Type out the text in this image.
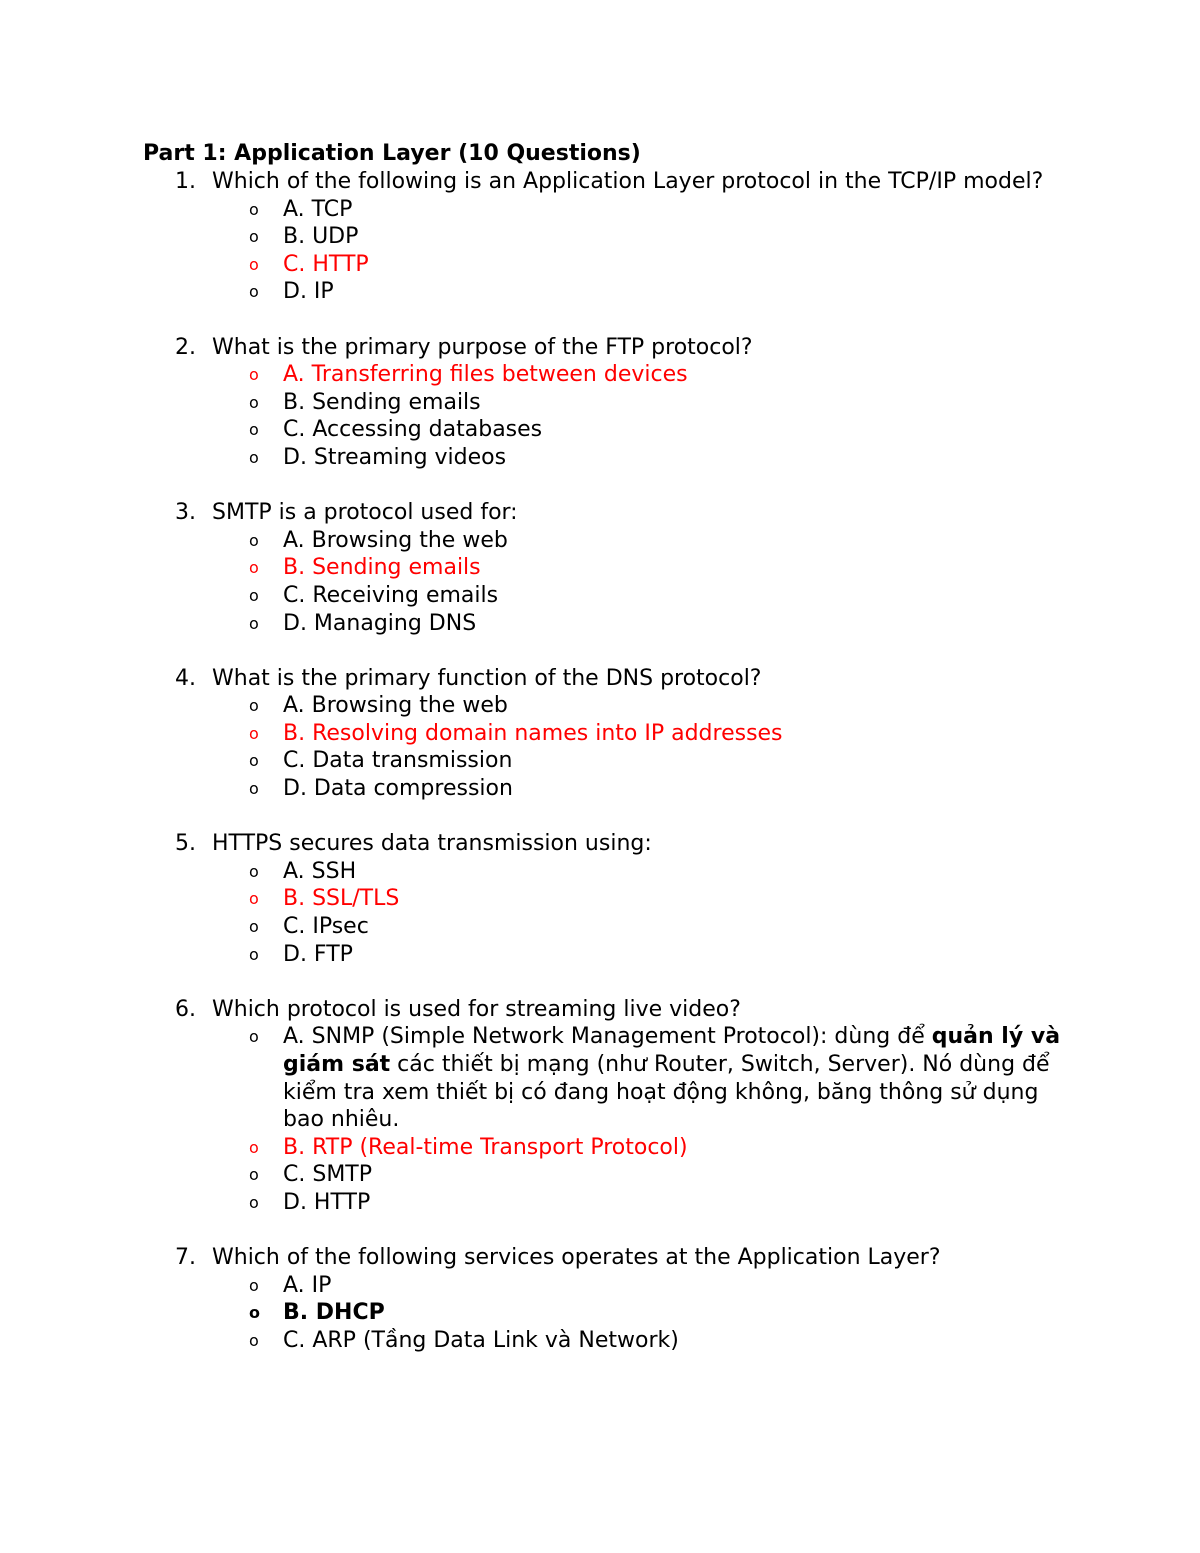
Part 1: Application Layer (10 Questions)

1. Which of the following is an Application Layer protocol in the TCP/IP model?
o A. TCP
o B. UDP
o C. HTTP
o D. IP
2. What is the primary purpose of the FTP protocol?
o A. Transferring files between devices
o B. Sending emails
o C. Accessing databases
o D. Streaming videos
3. SMTP is a protocol used for:
o A. Browsing the web
o B. Sending emails
o C. Receiving emails
o D. Managing DNS
4. What is the primary function of the DNS protocol?
o A. Browsing the web
o B. Resolving domain names into IP addresses
o C. Data transmission
o D. Data compression
5. HTTPS secures data transmission using:
o A. SSH
o B. SSL/TLS
o C. IPsec
o D. FTP
6. Which protocol is used for streaming live video?
o A. SNMP (Simple Network Management Protocol): dùng để quản lý và giám sát các thiết bị mạng (như Router, Switch, Server). Nó dùng để kiểm tra xem thiết bị có đang hoạt động không, băng thông sử dụng bao nhiêu.
o B. RTP (Real-time Transport Protocol)
o C. SMTP
o D. HTTP
7. Which of the following services operates at the Application Layer?
o A. IP
o B. DHCP
o C. ARP (Tầng Data Link và Network)
